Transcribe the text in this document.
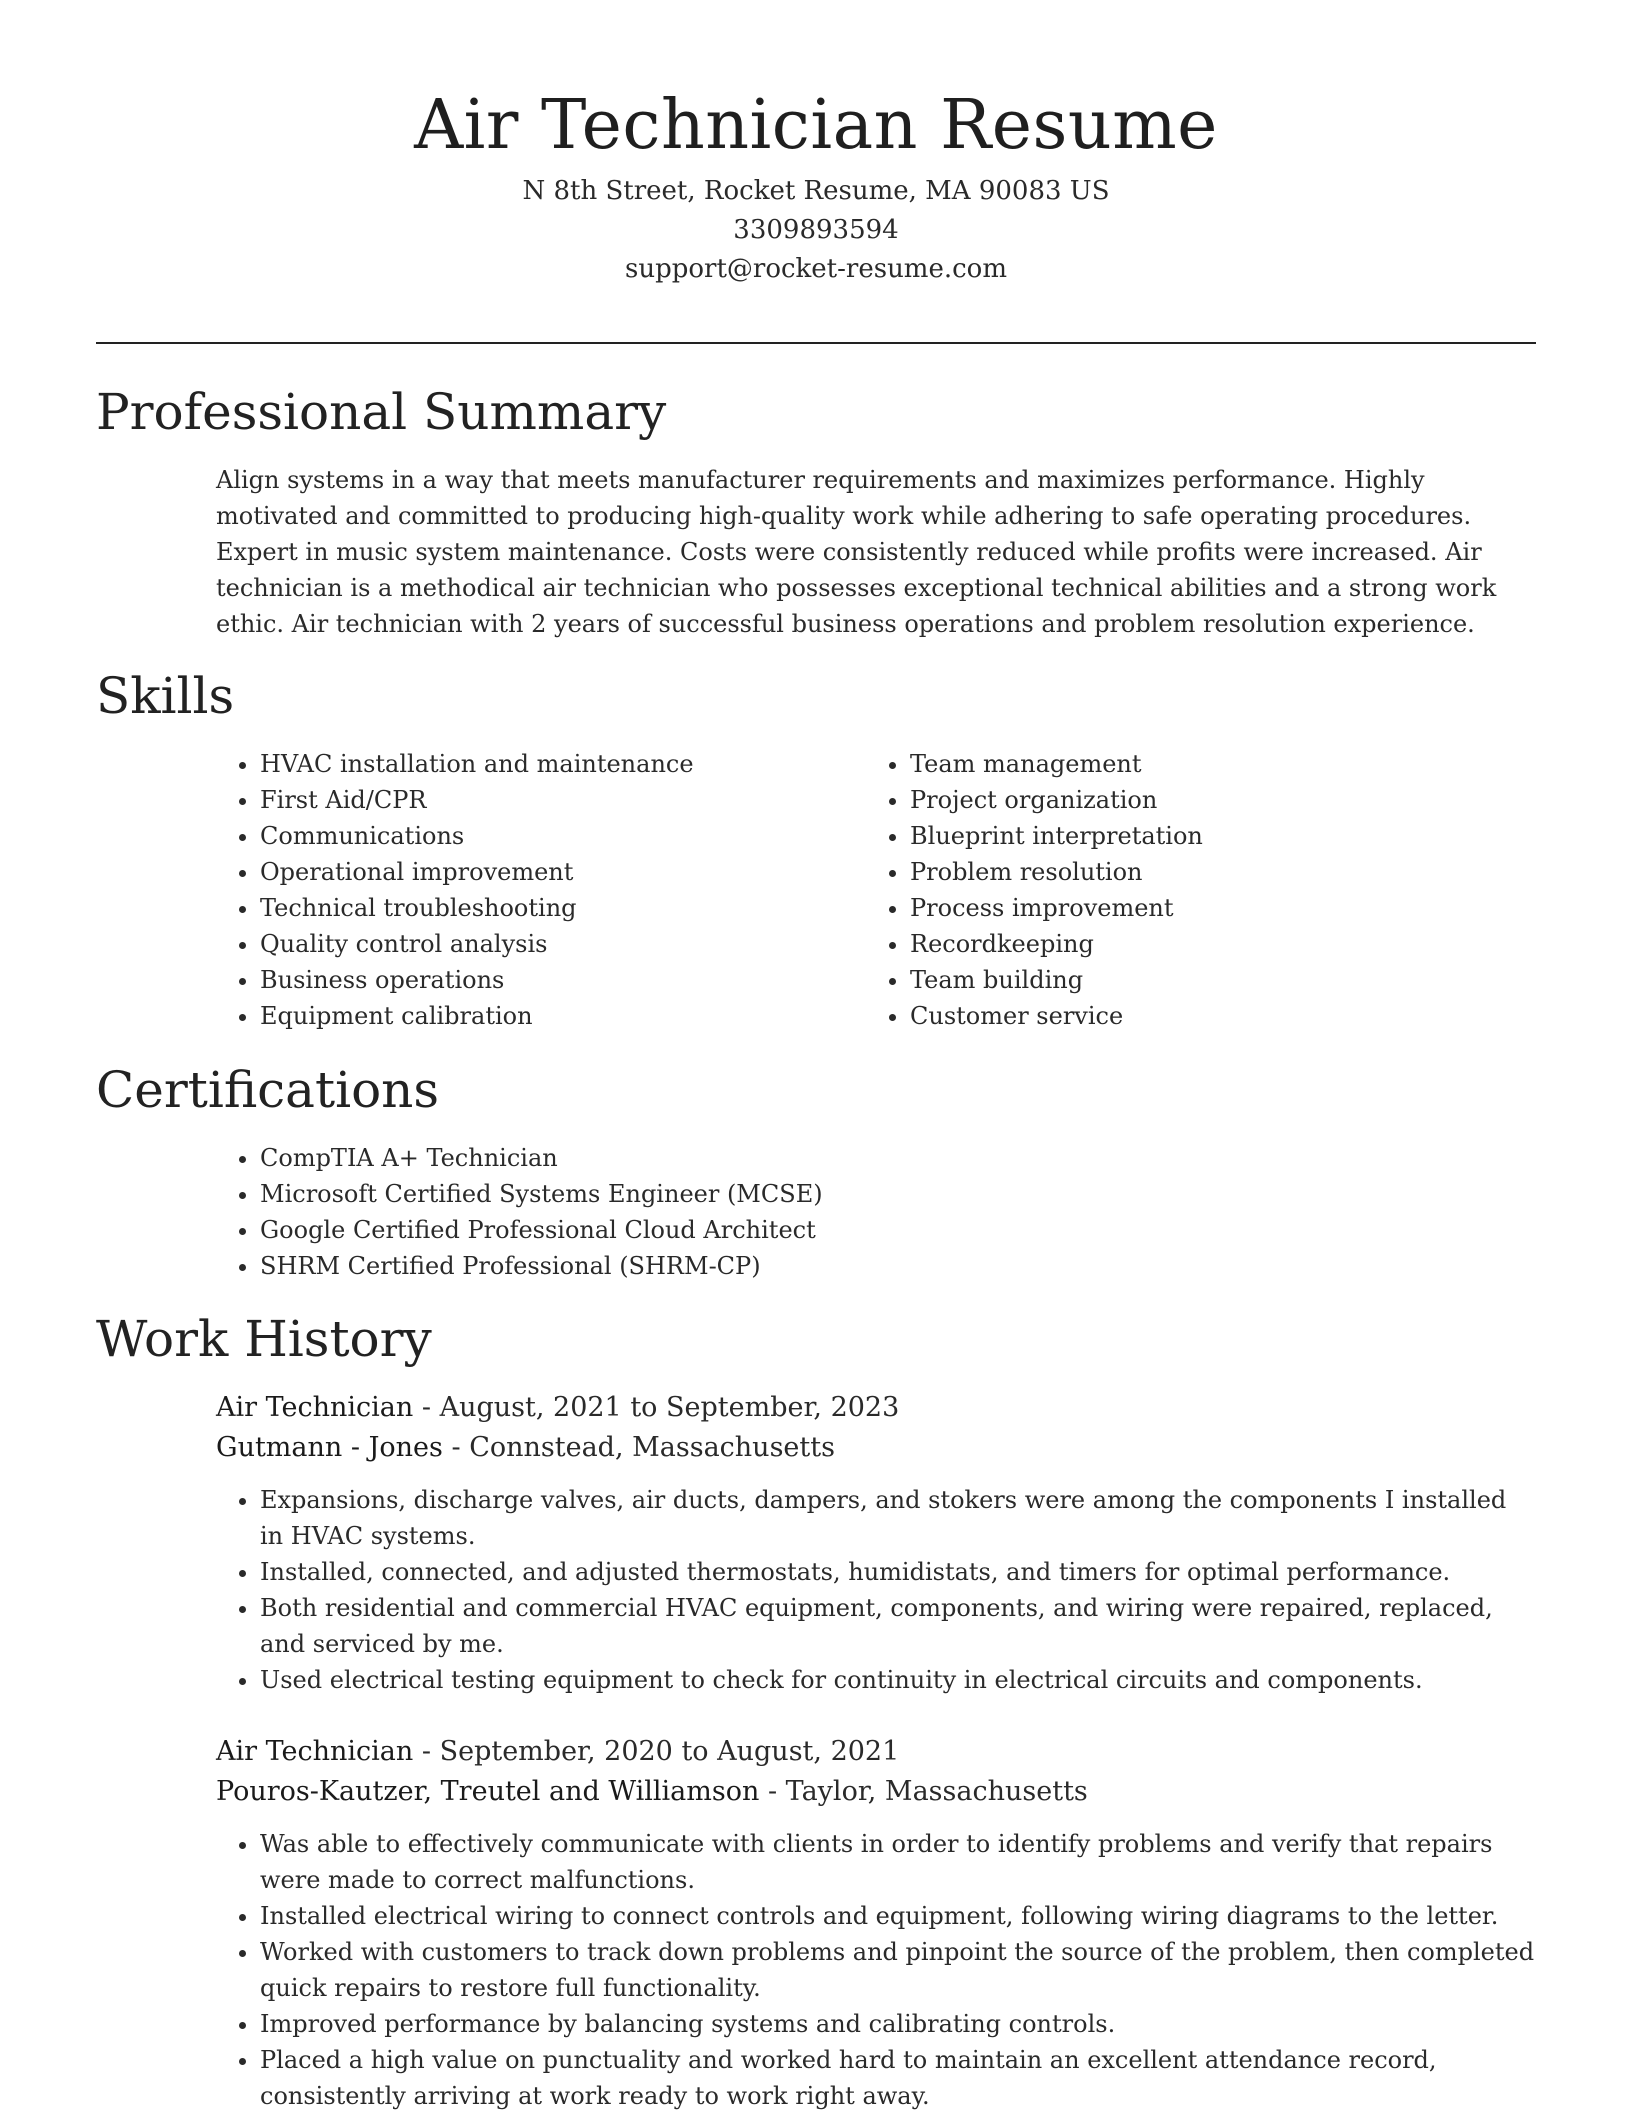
Air Technician Resume

N 8th Street, Rocket Resume, MA 90083 US

3309893594

support@rocket-resume.com

Professional Summary

Align systems in a way that meets manufacturer requirements and maximizes performance. Highly motivated and committed to producing high-quality work while adhering to safe operating procedures. Expert in music system maintenance. Costs were consistently reduced while profits were increased. Air technician is a methodical air technician who possesses exceptional technical abilities and a strong work ethic. Air technician with 2 years of successful business operations and problem resolution experience.

Skills
• HVAC installation and maintenance
• First Aid/CPR
• Communications
• Operational improvement
• Technical troubleshooting
• Quality control analysis
• Business operations
• Equipment calibration
• Team management
• Project organization
• Blueprint interpretation
• Problem resolution
• Process improvement
• Recordkeeping
• Team building
• Customer service
Certifications
• CompTIA A+ Technician
• Microsoft Certified Systems Engineer (MCSE)
• Google Certified Professional Cloud Architect
• SHRM Certified Professional (SHRM-CP)
Work History

Air Technician - August, 2021 to September, 2023

Gutmann - Jones - Connstead, Massachusetts

• Expansions, discharge valves, air ducts, dampers, and stokers were among the components I installed in HVAC systems.
• Installed, connected, and adjusted thermostats, humidistats, and timers for optimal performance.
• Both residential and commercial HVAC equipment, components, and wiring were repaired, replaced, and serviced by me.
• Used electrical testing equipment to check for continuity in electrical circuits and components.

Air Technician - September, 2020 to August, 2021

Pouros-Kautzer, Treutel and Williamson - Taylor, Massachusetts

• Was able to effectively communicate with clients in order to identify problems and verify that repairs were made to correct malfunctions.
• Installed electrical wiring to connect controls and equipment, following wiring diagrams to the letter.
• Worked with customers to track down problems and pinpoint the source of the problem, then completed quick repairs to restore full functionality.
• Improved performance by balancing systems and calibrating controls.
• Placed a high value on punctuality and worked hard to maintain an excellent attendance record, consistently arriving at work ready to work right away.
